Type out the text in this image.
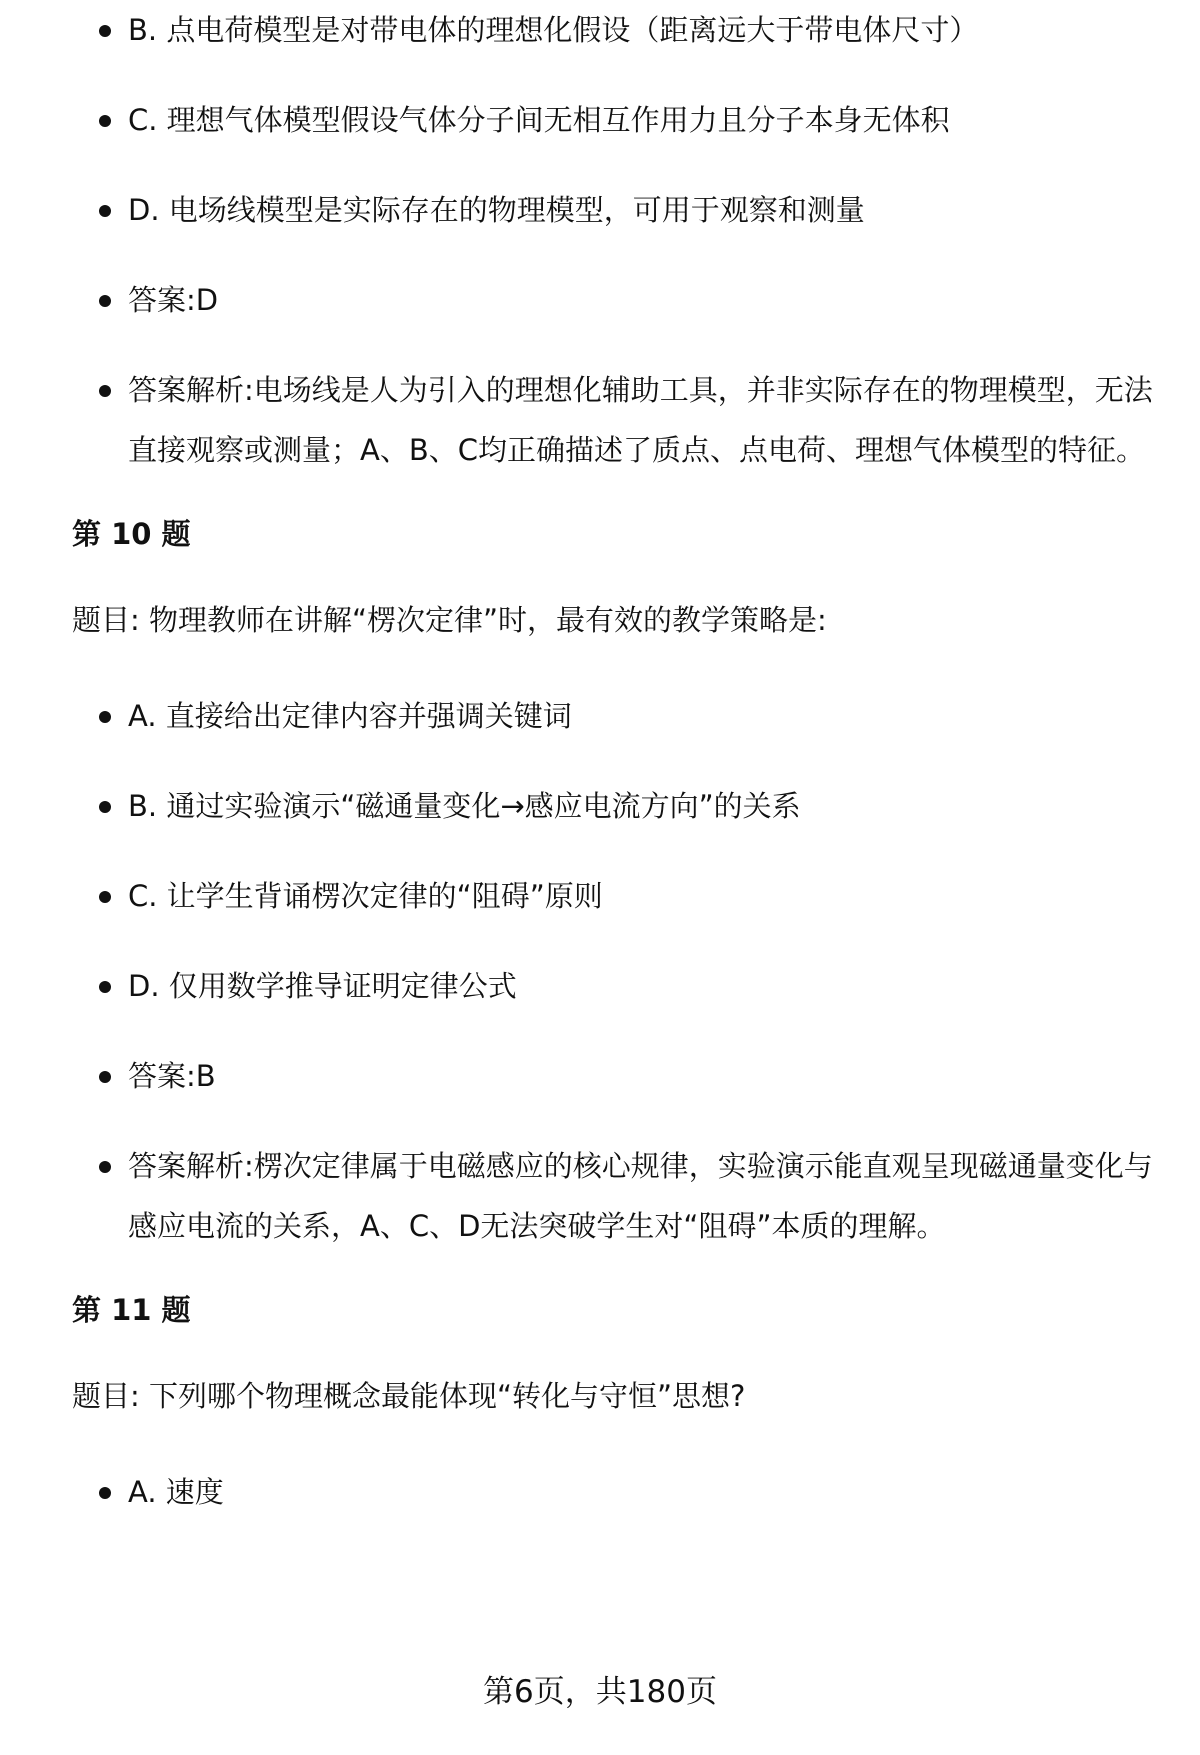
B. 点电荷模型是对带电体的理想化假设（距离远大于带电体尺寸）
C. 理想气体模型假设气体分子间无相互作用力且分子本身无体积
D. 电场线模型是实际存在的物理模型，可用于观察和测量
答案:D
答案解析:电场线是人为引入的理想化辅助工具，并非实际存在的物理模型，无法直接观察或测量；A、B、C均正确描述了质点、点电荷、理想气体模型的特征。
第 10 题
题目: 物理教师在讲解“楞次定律”时，最有效的教学策略是:
A. 直接给出定律内容并强调关键词
B. 通过实验演示“磁通量变化→感应电流方向”的关系
C. 让学生背诵楞次定律的“阻碍”原则
D. 仅用数学推导证明定律公式
答案:B
答案解析:楞次定律属于电磁感应的核心规律，实验演示能直观呈现磁通量变化与感应电流的关系，A、C、D无法突破学生对“阻碍”本质的理解。
第 11 题
题目: 下列哪个物理概念最能体现“转化与守恒”思想?
A. 速度
第6页，共180页
